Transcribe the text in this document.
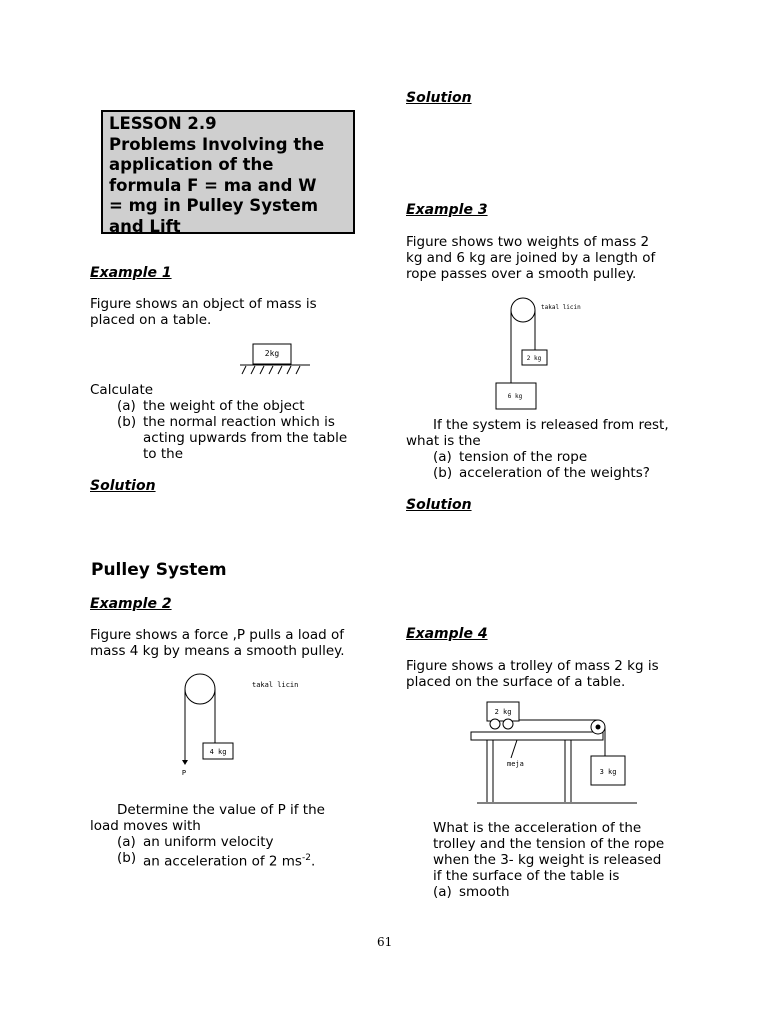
LESSON 2.9
Problems Involving the
application of the
formula F = ma and W
= mg in Pulley System
and Lift
Example 1
Figure shows an object of mass is
placed on a table.
2kg
Calculate
(a) the weight of the object
(b) the normal reaction which is
acting upwards from the table
to the
Solution
Pulley System
Example 2
Figure shows a force ,P pulls a load of
mass 4 kg by means a smooth pulley.
4 kg
takal licin
P
Determine the value of P if the
load moves with
(a) an uniform velocity
(b) an acceleration of 2 $ms^{-2}$.
Solution
Example 3
Figure shows two weights of mass 2
kg and 6 kg are joined by a length of
rope passes over a smooth pulley.
2 kg
6 kg
takal licin
If the system is released from rest,
what is the
(a) tension of the rope
(b) acceleration of the weights?
Solution
Example 4
Figure shows a trolley of mass 2 kg is
placed on the surface of a table.
2 kg
3 kg
meja
What is the acceleration of the
trolley and the tension of the rope
when the 3- kg weight is released
if the surface of the table is
(a) smooth
61
